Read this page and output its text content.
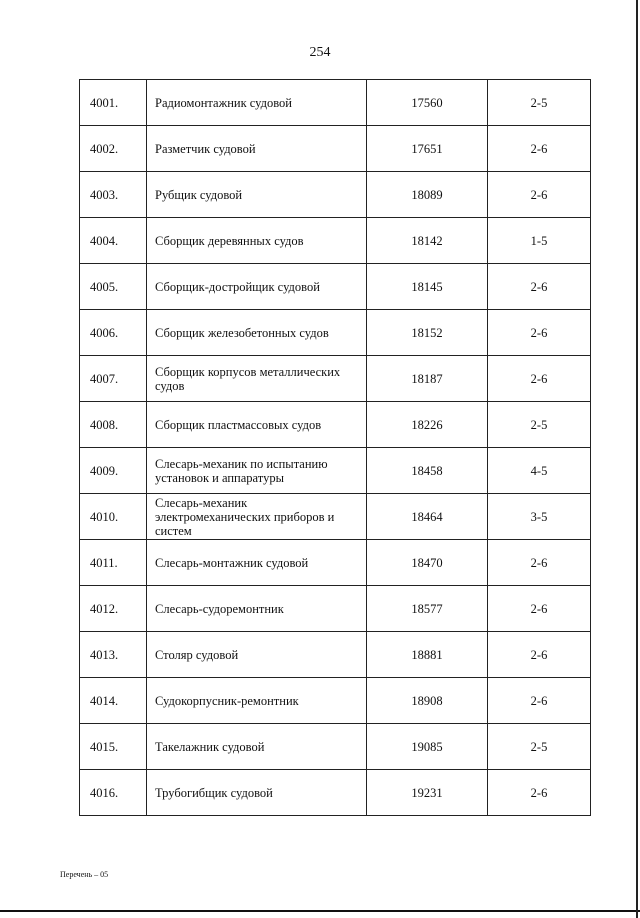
254
4001.	Радиомонтажник судовой	17560	2-5
4002.	Разметчик судовой	17651	2-6
4003.	Рубщик судовой	18089	2-6
4004.	Сборщик деревянных судов	18142	1-5
4005.	Сборщик-достройщик судовой	18145	2-6
4006.	Сборщик железобетонных судов	18152	2-6
4007.	Сборщик корпусов металлических судов	18187	2-6
4008.	Сборщик пластмассовых судов	18226	2-5
4009.	Слесарь-механик по испытанию установок и аппаратуры	18458	4-5
4010.	Слесарь-механик электромеханических приборов и систем	18464	3-5
4011.	Слесарь-монтажник судовой	18470	2-6
4012.	Слесарь-судоремонтник	18577	2-6
4013.	Столяр судовой	18881	2-6
4014.	Судокорпусник-ремонтник	18908	2-6
4015.	Такелажник судовой	19085	2-5
4016.	Трубогибщик судовой	19231	2-6
Перечень – 05
